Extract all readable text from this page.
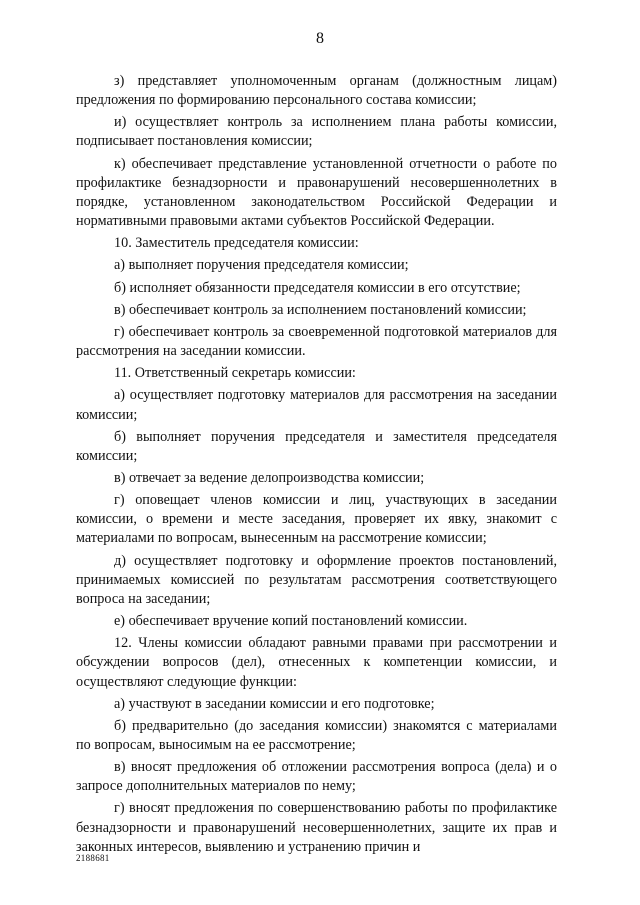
8

з) представляет уполномоченным органам (должностным лицам) предложения по формированию персонального состава комиссии;

и) осуществляет контроль за исполнением плана работы комиссии, подписывает постановления комиссии;

к) обеспечивает представление установленной отчетности о работе по профилактике безнадзорности и правонарушений несовершеннолетних в порядке, установленном законодательством Российской Федерации и нормативными правовыми актами субъектов Российской Федерации.

10. Заместитель председателя комиссии:

а) выполняет поручения председателя комиссии;

б) исполняет обязанности председателя комиссии в его отсутствие;

в) обеспечивает контроль за исполнением постановлений комиссии;

г) обеспечивает контроль за своевременной подготовкой материалов для рассмотрения на заседании комиссии.

11. Ответственный секретарь комиссии:

а) осуществляет подготовку материалов для рассмотрения на заседании комиссии;

б) выполняет поручения председателя и заместителя председателя комиссии;

в) отвечает за ведение делопроизводства комиссии;

г) оповещает членов комиссии и лиц, участвующих в заседании комиссии, о времени и месте заседания, проверяет их явку, знакомит с материалами по вопросам, вынесенным на рассмотрение комиссии;

д) осуществляет подготовку и оформление проектов постановлений, принимаемых комиссией по результатам рассмотрения соответствующего вопроса на заседании;

е) обеспечивает вручение копий постановлений комиссии.

12. Члены комиссии обладают равными правами при рассмотрении и обсуждении вопросов (дел), отнесенных к компетенции комиссии, и осуществляют следующие функции:

а) участвуют в заседании комиссии и его подготовке;

б) предварительно (до заседания комиссии) знакомятся с материалами по вопросам, выносимым на ее рассмотрение;

в) вносят предложения об отложении рассмотрения вопроса (дела) и о запросе дополнительных материалов по нему;

г) вносят предложения по совершенствованию работы по профилактике безнадзорности и правонарушений несовершеннолетних, защите их прав и законных интересов, выявлению и устранению причин и

2188681
